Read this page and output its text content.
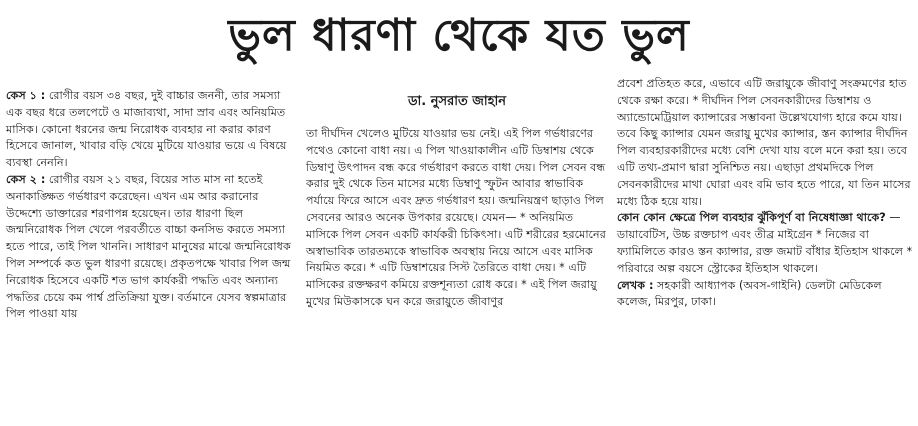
ভুল ধারণা থেকে যত ভুল

কেস ১ : রোগীর বয়স ৩৪ বছর, দুই বাচ্চার জননী, তার সমস্যা এক বছর ধরে তলপেটে ও মাজাব্যথা, সাদা স্রাব এবং অনিয়মিত মাসিক। কোনো ধরনের জন্ম নিরোধক ব্যবহার না করার কারণ হিসেবে জানাল, খাবার বড়ি খেয়ে মুটিয়ে যাওয়ার ভয়ে এ বিষয়ে ব্যবস্থা নেননি।

কেস ২ : রোগীর বয়স ২১ বছর, বিয়ের সাত মাস না হতেই অনাকাঙ্ক্ষিত গর্ভধারণ করেছেন। এখন এম আর করানোর উদ্দেশ্যে ডাক্তারের শরণাপন্ন হয়েছেন। তার ধারণা ছিল জন্মনিরোধক পিল খেলে পরবর্তীতে বাচ্চা কনসিভ করতে সমস্যা হতে পারে, তাই পিল খাননি। সাধারণ মানুষের মাঝে জন্মনিরোধক পিল সম্পর্কে কত ভুল ধারণা রয়েছে। প্রকৃতপক্ষে খাবার পিল জন্ম নিরোধক হিসেবে একটি শত ভাগ কার্যকরী পদ্ধতি এবং অন্যান্য পদ্ধতির চেয়ে কম পার্শ্ব প্রতিক্রিয়া যুক্ত। বর্তমানে যেসব স্বল্পমাত্রার পিল পাওয়া যায়

ডা. নুসরাত জাহান

তা দীর্ঘদিন খেলেও মুটিয়ে যাওয়ার ভয় নেই। এই পিল গর্ভধারণের পথেও কোনো বাধা নয়। এ পিল খাওয়াকালীন এটি ডিম্বাশয় থেকে ডিম্বাণু উৎপাদন বন্ধ করে গর্ভধারণ করতে বাধা দেয়। পিল সেবন বন্ধ করার দুই থেকে তিন মাসের মধ্যে ডিম্বাণু স্ফুটন আবার স্বাভাবিক পর্যায়ে ফিরে আসে এবং দ্রুত গর্ভধারণ হয়। জন্মনিয়ন্ত্রণ ছাড়াও পিল সেবনের আরও অনেক উপকার রয়েছে। যেমন— * অনিয়মিত মাসিকে পিল সেবন একটি কার্যকরী চিকিৎসা। এটি শরীরের হরমোনের অস্বাভাবিক তারতম্যকে স্বাভাবিক অবস্থায় নিয়ে আসে এবং মাসিক নিয়মিত করে। * এটি ডিম্বাশয়ের সিস্ট তৈরিতে বাধা দেয়। * এটি মাসিকের রক্তক্ষরণ কমিয়ে রক্তশূন্যতা রোধ করে। * এই পিল জরায়ু মুখের মিউকাসকে ঘন করে জরায়ুতে জীবাণুর

প্রবেশ প্রতিহত করে, এভাবে এটি জরায়ুকে জীবাণু সংক্রমণের হাত থেকে রক্ষা করে। * দীর্ঘদিন পিল সেবনকারীদের ডিম্বাশয় ও অ্যান্ডোমেট্রিয়াল ক্যান্সারের সম্ভাবনা উল্লেখযোগ্য হারে কমে যায়। তবে কিছু ক্যান্সার যেমন জরায়ু মুখের ক্যান্সার, স্তন ক্যান্সার দীর্ঘদিন পিল ব্যবহারকারীদের মধ্যে বেশি দেখা যায় বলে মনে করা হয়। তবে এটি তথ্য-প্রমাণ দ্বারা সুনিশ্চিত নয়। এছাড়া প্রথমদিকে পিল সেবনকারীদের মাথা ঘোরা এবং বমি ভাব হতে পারে, যা তিন মাসের মধ্যে ঠিক হয়ে যায়।

কোন কোন ক্ষেত্রে পিল ব্যবহার ঝুঁকিপূর্ণ বা নিষেধাজ্ঞা থাকে? — ডায়াবেটিস, উচ্চ রক্তচাপ এবং তীব্র মাইগ্রেন * নিজের বা ফ্যামিলিতে কারও স্তন ক্যান্সার, রক্ত জমাট বাঁধার ইতিহাস থাকলে * পরিবারে অল্প বয়সে স্ট্রোকের ইতিহাস থাকলে।

লেখক : সহকারী আধ্যাপক (অবস-গাইনি) ডেলটা মেডিকেল কলেজ, মিরপুর, ঢাকা।
